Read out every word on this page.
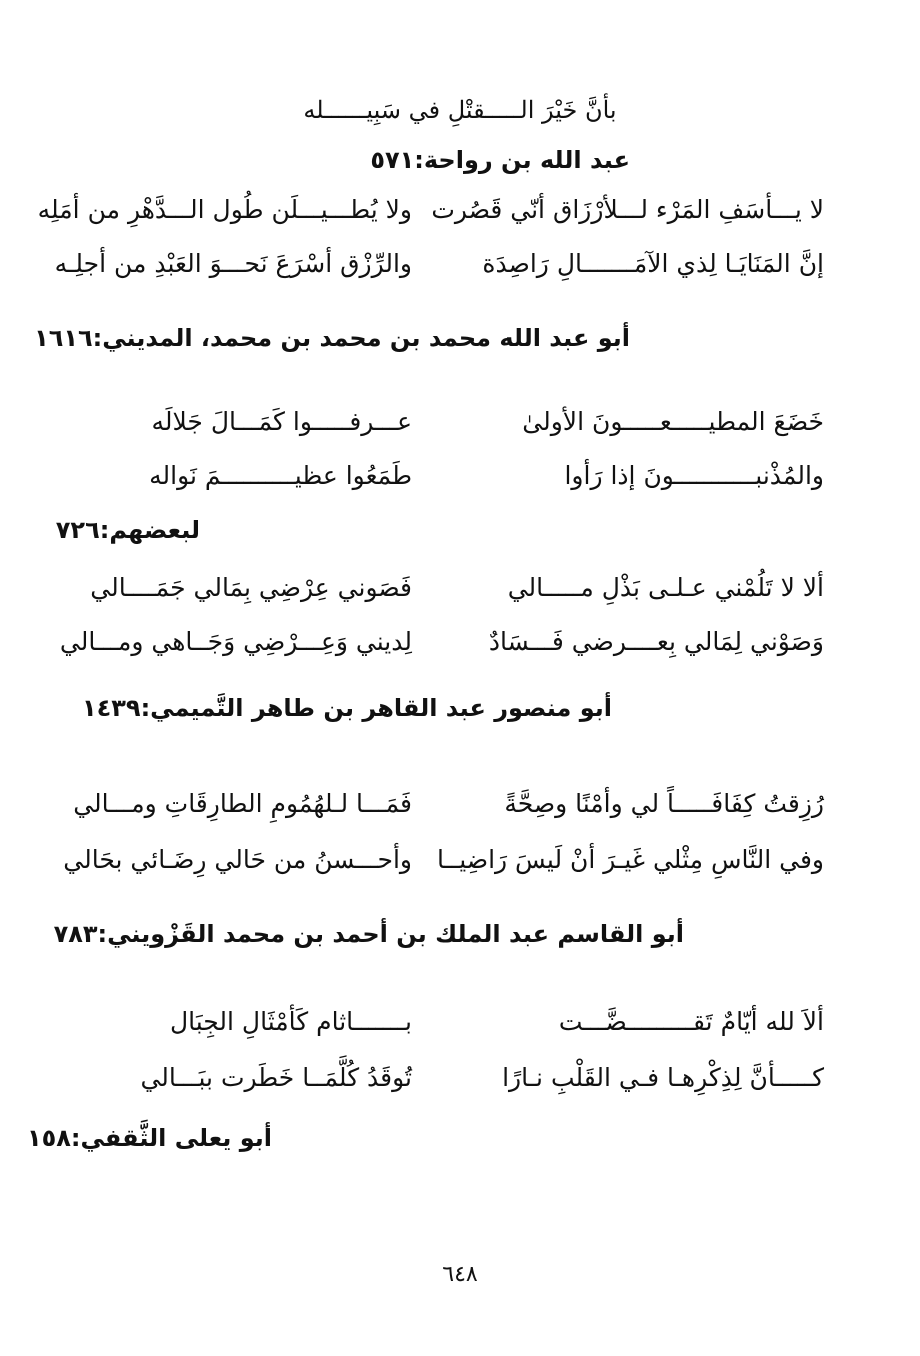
بأنَّ خَيْرَ الـــــقتْلِ في سَبِيــــــله
عبد الله بن رواحة:٥٧١
لا يـــأسَفِ المَرْء لـــلأرْزَاق أنّي قَصُرت
ولا يُطـــيـــلَن طُول الـــدَّهْرِ من أمَلِه
إنَّ المَنَايَـا لِذي الآمَـــــــالِ رَاصِدَة
والرِّزْق أسْرَعَ نَحـــوَ العَبْدِ من أجلِـه
أبو عبد الله محمد بن محمد بن محمد، المديني:١٦١٦
خَضَعَ المطيـــــعـــــونَ الأولىٰ
عـــرفـــــوا كَمَـــالَ جَلالَه
والمُذْنبـــــــــــونَ إذا رَأوا
طَمَعُوا عظيــــــــــمَ نَواله
لبعضهم:٧٢٦
ألا لا تَلُمْني عـلـى بَذْلِ مـــــالي
فَصَوني عِرْضِي بِمَالي جَمَــــالي
وَصَوْني لِمَالي بِعــــرضي فَـــسَادٌ
لِديني وَعِـــرْضِي وَجَــاهي ومـــالي
أبو منصور عبد القاهر بن طاهر التَّميمي:١٤٣٩
رُزِقتُ كِفَافَـــــاً لي وأمْنًا وصِحَّةً
فَمَـــا لـلهُمُومِ الطارِقَاتِ ومـــالي
وفي النَّاسِ مِثْلي غَيـرَ أنْ لَيسَ رَاضِيــا
وأحـــسنُ من حَالي رِضَـائي بحَالي
أبو القاسم عبد الملك بن أحمد بن محمد القَزْويني:٧٨٣
ألاَ لله أيّامٌ تَقـــــــــضَّـــت
بـــــــاثام كَأمْثَالِ الجِبَال
كـــــأنَّ لِذِكْرِهـا فـي القَلْبِ نـارًا
تُوقَدُ كُلَّمَــا خَطَرت ببَـــالي
أبو يعلى الثَّقفي:١٥٨
٦٤٨
